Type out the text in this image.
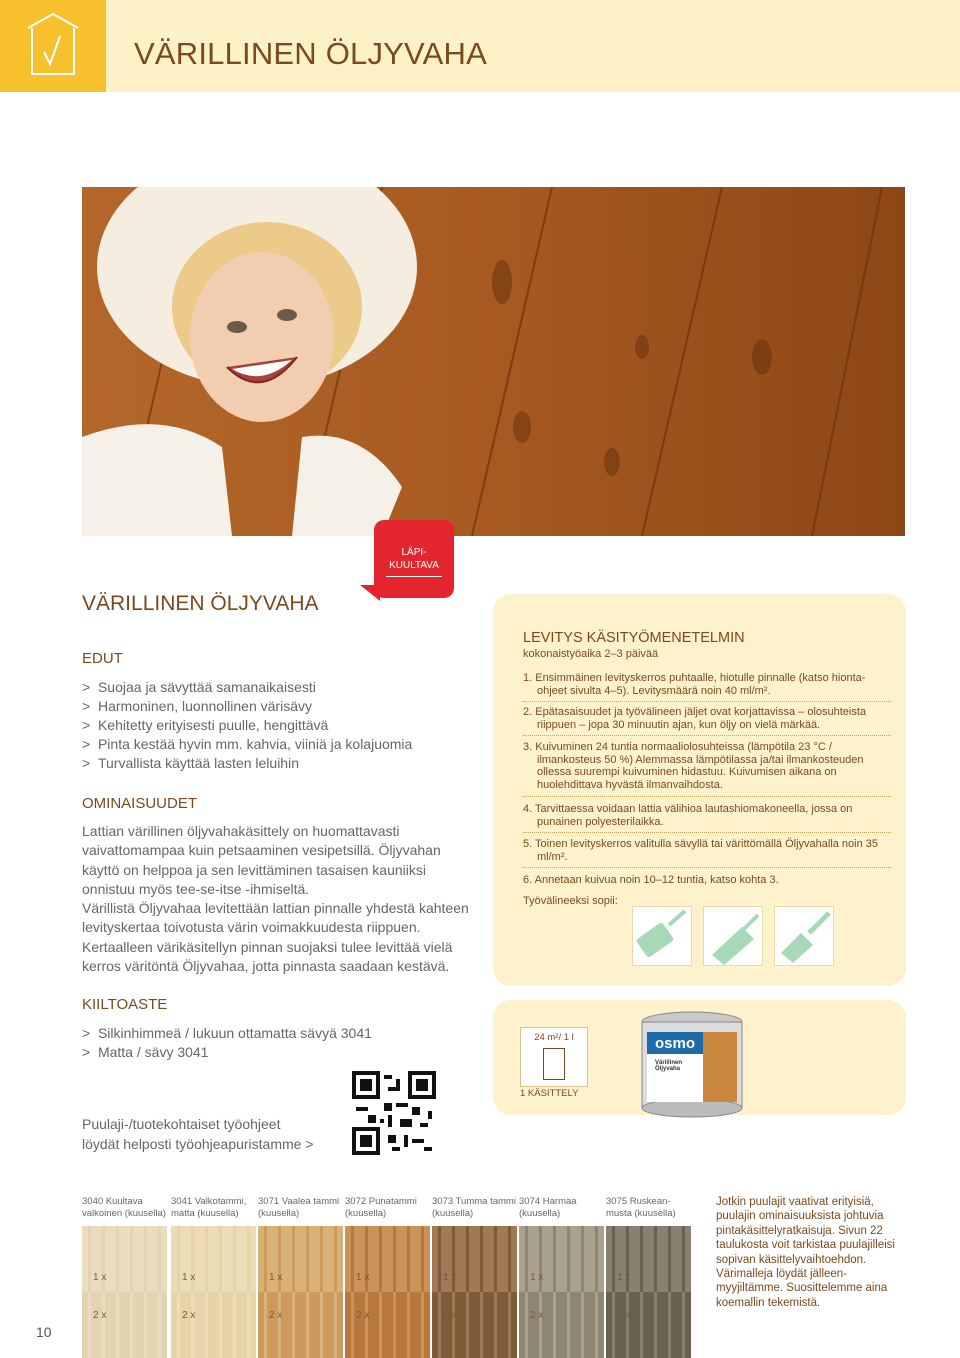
VÄRILLINEN ÖLJYVAHA
LÄPI-
KUULTAVA
VÄRILLINEN ÖLJYVAHA
EDUT
>  Suojaa ja sävyttää samanaikaisesti
>  Harmoninen, luonnollinen värisävy
>  Kehitetty erityisesti puulle, hengittävä
>  Pinta kestää hyvin mm. kahvia, viiniä ja kolajuomia
>  Turvallista käyttää lasten leluihin
OMINAISUUDET
Lattian värillinen öljyvahakäsittely on huomattavasti vaivattomampaa kuin petsaaminen vesipetsillä. Öljyvahan käyttö on helppoa ja sen levittäminen tasaisen kauniiksi onnistuu myös tee-se-itse -ihmiseltä.
Värillistä Öljyvahaa levitettään lattian pinnalle yhdestä kahteen levityskertaa toivotusta värin voimakkuudesta riippuen.
Kertaalleen värikäsitellyn pinnan suojaksi tulee levittää vielä kerros väritöntä Öljyvahaa, jotta pinnasta saadaan kestävä.
KIILTOASTE
>  Silkinhimmeä / lukuun ottamatta sävyä 3041
>  Matta / sävy 3041
Puulaji-/tuotekohtaiset työohjeet
löydät helposti työohjeapuristamme >
LEVITYS KÄSITYÖMENETELMIN
kokonaistyöaika 2–3 päivää
1. Ensimmäinen levityskerros puhtaalle, hiotulle pinnalle (katso hionta-ohjeet sivulta 4–5). Levitysmäärä noin 40 ml/m².
2. Epätasaisuudet ja työvälineen jäljet ovat korjattavissa – olosuhteista riippuen – jopa 30 minuutin ajan, kun öljy on vielä märkää.
3. Kuivuminen 24 tuntia normaaliolosuhteissa (lämpötila 23 °C / ilmankosteus 50 %) Alemmassa lämpötilassa ja/tai ilmankosteuden ollessa suurempi kuivuminen hidastuu. Kuivumisen aikana on huolehdittava hyvästä ilmanvaihdosta.
4. Tarvittaessa voidaan lattia välihioa lautashiomakoneella, jossa on punainen polyesterilaikka.
5. Toinen levityskerros valitulla sävyllä tai värittömällä Öljyvahalla noin 35 ml/m².
6. Annetaan kuivua noin 10–12 tuntia, katso kohta 3.
Työvälineeksi sopii:
24 m²/ 1 l
1 KÄSITTELY
osmo
Värillinen Öljyvaha
3040 Kuultava valkoinen (kuusella)
1 x
2 x
3041 Valkotammi, matta (kuusella)
1 x
2 x
3071 Vaalea tammi (kuusella)
1 x
2 x
3072 Punatammi (kuusella)
1 x
2 x
3073 Tumma tammi (kuusella)
1 x
2 x
3074 Harmaa (kuusella)
1 x
2 x
3075 Ruskean-musta (kuusella)
1 x
2 x
Jotkin puulajit vaativat erityisiä, puulajin ominaisuuksista johtuvia pintakäsittelyratkaisuja. Sivun 22 taulukosta voit tarkistaa puulajilleisi sopivan käsittelyvaihtoehdon. Värimalleja löydät jälleen-myyjiltämme. Suosittelemme aina koemallin tekemistä.
10
